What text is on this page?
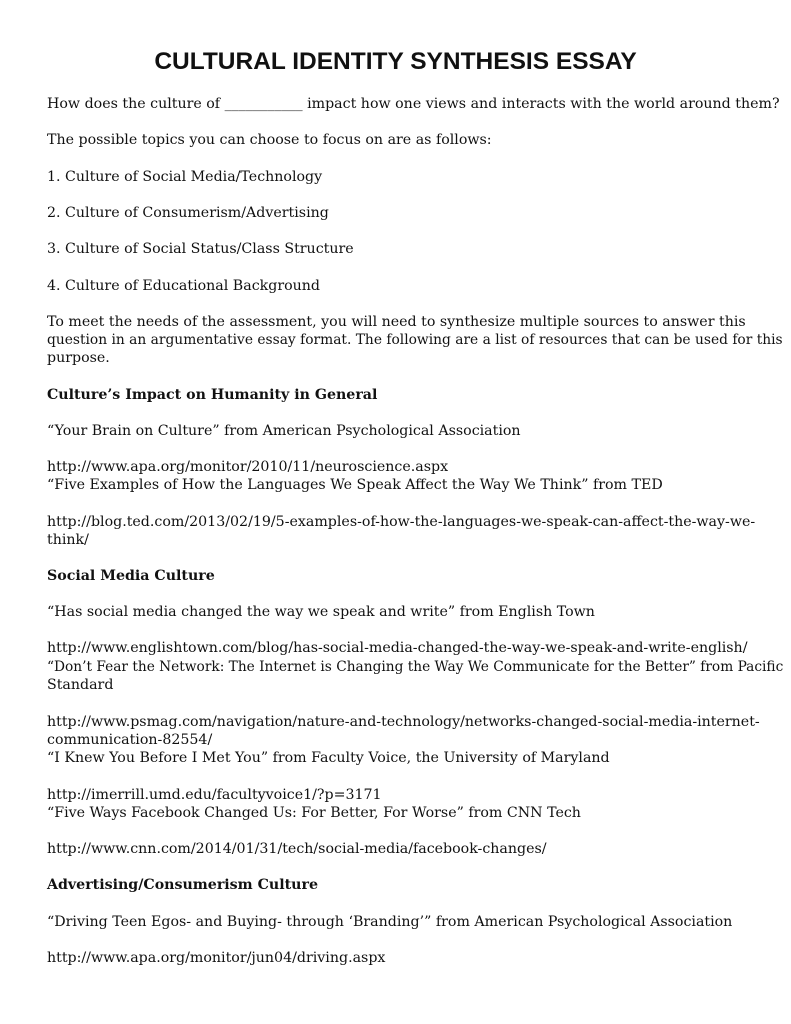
CULTURAL IDENTITY SYNTHESIS ESSAY
How does the culture of ___________ impact how one views and interacts with the world around them?
The possible topics you can choose to focus on are as follows:
1. Culture of Social Media/Technology
2. Culture of Consumerism/Advertising
3. Culture of Social Status/Class Structure
4. Culture of Educational Background
To meet the needs of the assessment, you will need to synthesize multiple sources to answer this
question in an argumentative essay format. The following are a list of resources that can be used for this
purpose.
Culture’s Impact on Humanity in General
“Your Brain on Culture” from American Psychological Association
http://www.apa.org/monitor/2010/11/neuroscience.aspx
“Five Examples of How the Languages We Speak Affect the Way We Think” from TED
http://blog.ted.com/2013/02/19/5-examples-of-how-the-languages-we-speak-can-affect-the-way-we-
think/
Social Media Culture
“Has social media changed the way we speak and write” from English Town
http://www.englishtown.com/blog/has-social-media-changed-the-way-we-speak-and-write-english/
“Don’t Fear the Network: The Internet is Changing the Way We Communicate for the Better” from Pacific
Standard
http://www.psmag.com/navigation/nature-and-technology/networks-changed-social-media-internet-
communication-82554/
“I Knew You Before I Met You” from Faculty Voice, the University of Maryland
http://imerrill.umd.edu/facultyvoice1/?p=3171
“Five Ways Facebook Changed Us: For Better, For Worse” from CNN Tech
http://www.cnn.com/2014/01/31/tech/social-media/facebook-changes/
Advertising/Consumerism Culture
“Driving Teen Egos- and Buying- through ‘Branding’” from American Psychological Association
http://www.apa.org/monitor/jun04/driving.aspx
